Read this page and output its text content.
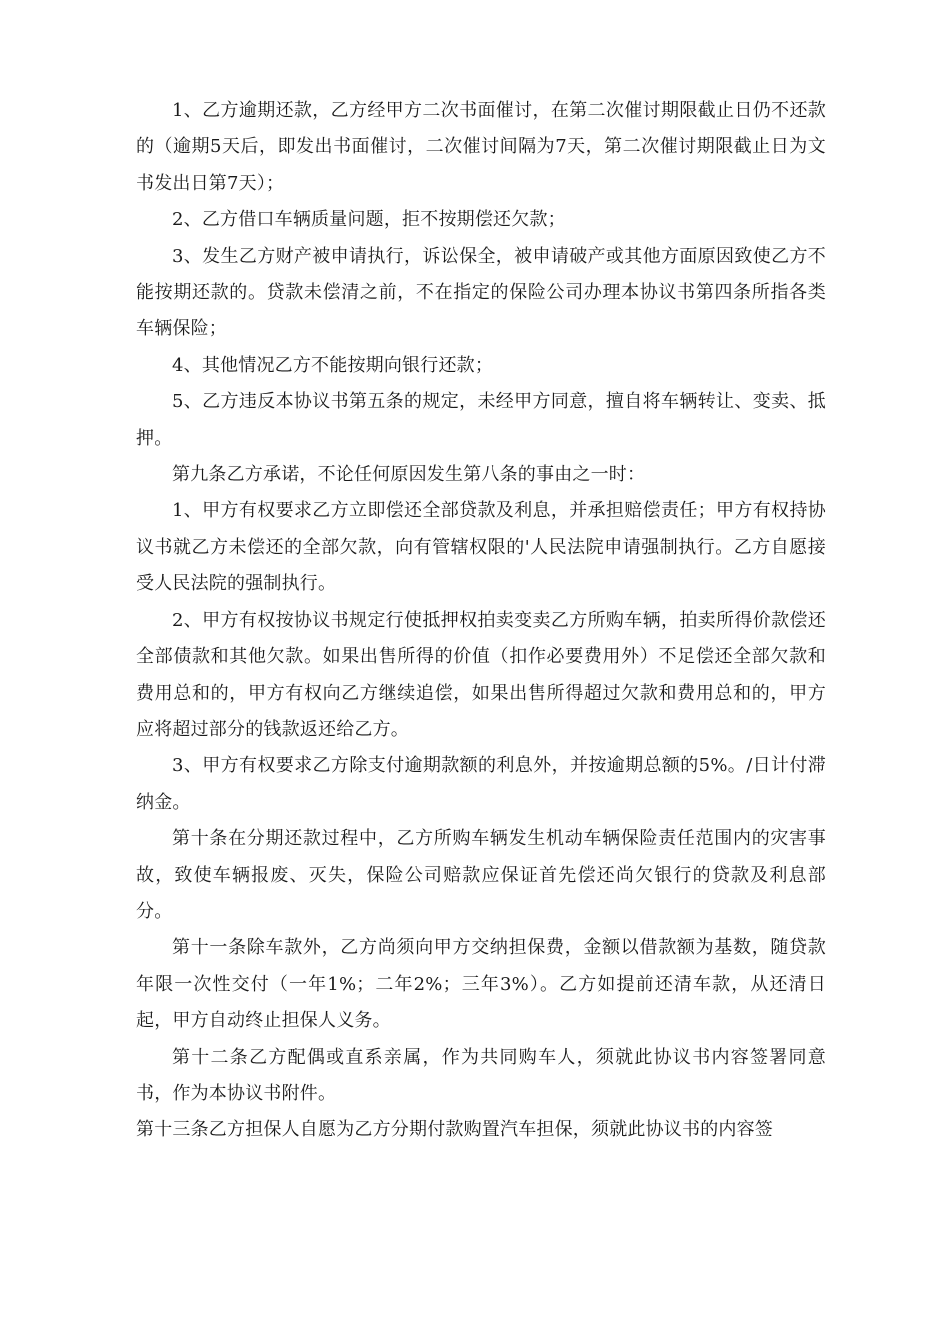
1、乙方逾期还款，乙方经甲方二次书面催讨，在第二次催讨期限截止日仍不还款的（逾期5天后，即发出书面催讨，二次催讨间隔为7天，第二次催讨期限截止日为文书发出日第7天）；

2、乙方借口车辆质量问题，拒不按期偿还欠款；

3、发生乙方财产被申请执行，诉讼保全，被申请破产或其他方面原因致使乙方不能按期还款的。贷款未偿清之前，不在指定的保险公司办理本协议书第四条所指各类车辆保险；

4、其他情况乙方不能按期向银行还款；

5、乙方违反本协议书第五条的规定，未经甲方同意，擅自将车辆转让、变卖、抵押。

第九条乙方承诺，不论任何原因发生第八条的事由之一时：

1、甲方有权要求乙方立即偿还全部贷款及利息，并承担赔偿责任；甲方有权持协议书就乙方未偿还的全部欠款，向有管辖权限的'人民法院申请强制执行。乙方自愿接受人民法院的强制执行。

2、甲方有权按协议书规定行使抵押权拍卖变卖乙方所购车辆，拍卖所得价款偿还全部债款和其他欠款。如果出售所得的价值（扣作必要费用外）不足偿还全部欠款和费用总和的，甲方有权向乙方继续追偿，如果出售所得超过欠款和费用总和的，甲方应将超过部分的钱款返还给乙方。

3、甲方有权要求乙方除支付逾期款额的利息外，并按逾期总额的5%。/日计付滞纳金。

第十条在分期还款过程中，乙方所购车辆发生机动车辆保险责任范围内的灾害事故，致使车辆报废、灭失，保险公司赔款应保证首先偿还尚欠银行的贷款及利息部分。

第十一条除车款外，乙方尚须向甲方交纳担保费，金额以借款额为基数，随贷款年限一次性交付（一年1%；二年2%；三年3%）。乙方如提前还清车款，从还清日起，甲方自动终止担保人义务。

第十二条乙方配偶或直系亲属，作为共同购车人，须就此协议书内容签署同意书，作为本协议书附件。

第十三条乙方担保人自愿为乙方分期付款购置汽车担保，须就此协议书的内容签
